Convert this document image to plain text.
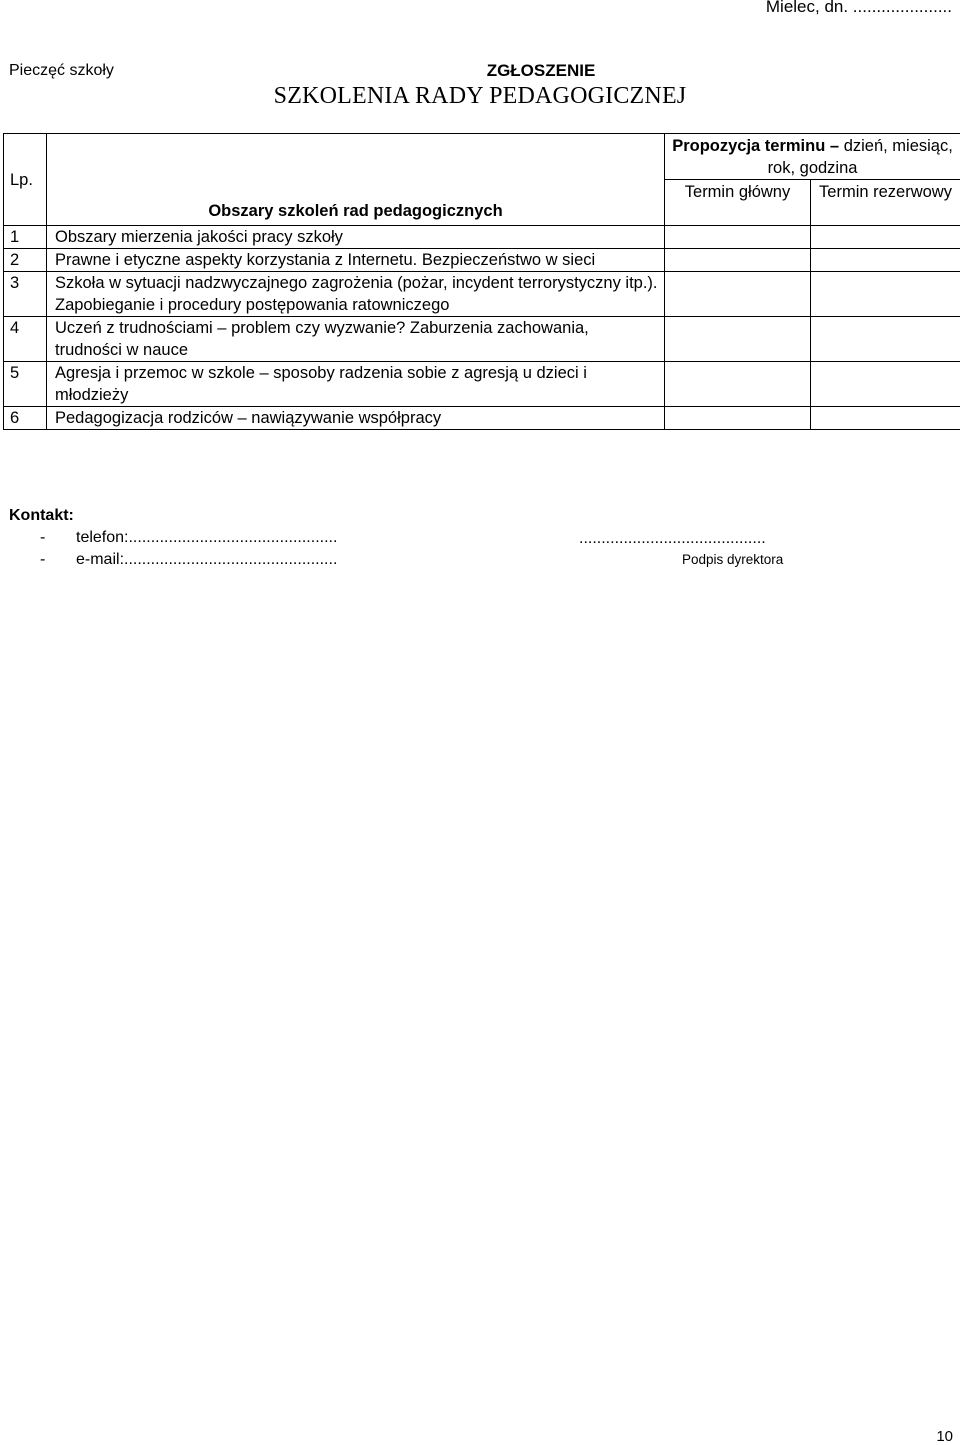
Mielec, dn. .....................
Pieczęć szkoły	ZGŁOSZENIE
SZKOLENIA RADY PEDAGOGICZNEJ
Lp.	Obszary szkoleń rad pedagogicznych	Propozycja terminu – dzień, miesiąc, rok, godzina	
		Termin główny	Termin rezerwowy
1	Obszary mierzenia jakości pracy szkoły		
2	Prawne i etyczne aspekty korzystania z Internetu. Bezpieczeństwo w sieci		
3	Szkoła w sytuacji nadzwyczajnego zagrożenia (pożar, incydent terrorystyczny itp.). Zapobieganie i procedury postępowania ratowniczego		
4	Uczeń z trudnościami – problem czy wyzwanie? Zaburzenia zachowania, trudności w nauce		
5	Agresja i przemoc w szkole – sposoby radzenia sobie z agresją u dzieci i młodzieży		
6	Pedagogizacja rodziców – nawiązywanie współpracy		
Kontakt:
- telefon:...............................................
- e-mail:................................................
..........................................
Podpis dyrektora
10
